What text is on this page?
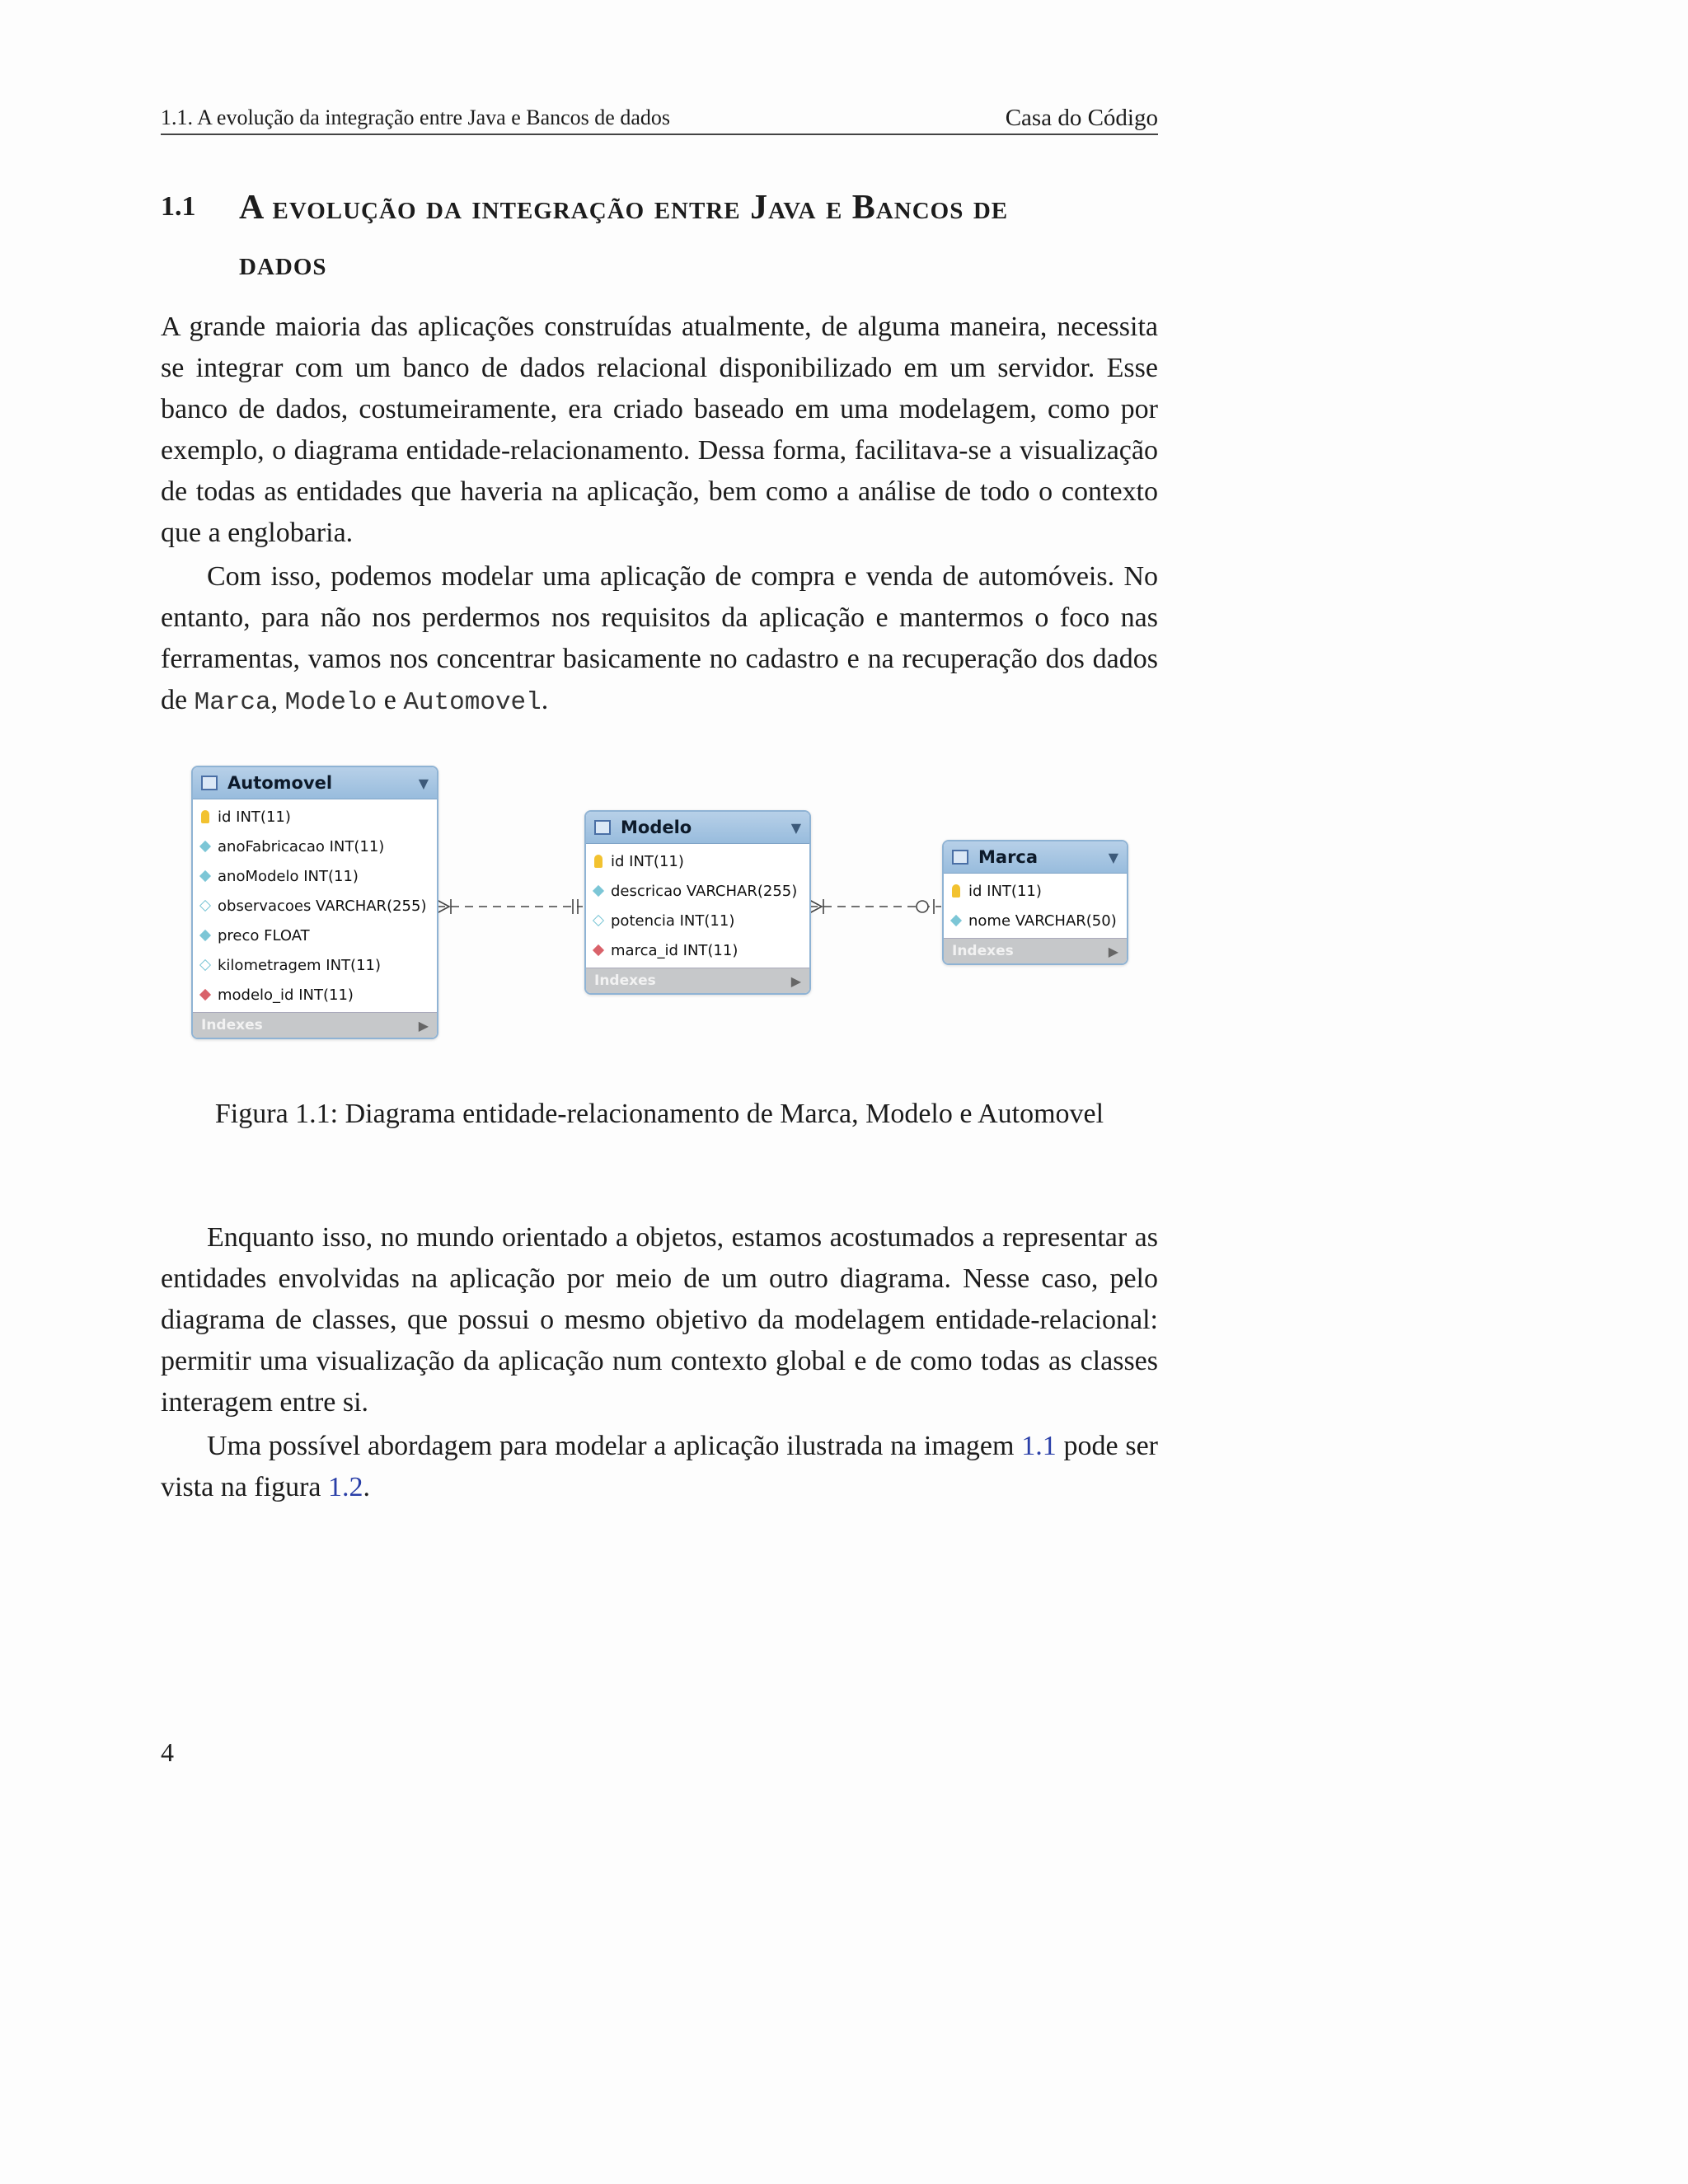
1.1. A evolução da integração entre Java e Bancos de dados	Casa do Código
1.1 A evolução da integração entre Java e Bancos de
dados

A grande maioria das aplicações construídas atualmente, de alguma maneira, necessita se integrar com um banco de dados relacional disponibilizado em um servidor. Esse banco de dados, costumeiramente, era criado baseado em uma modelagem, como por exemplo, o diagrama entidade-relacionamento. Dessa forma, facilitava-se a visualização de todas as entidades que haveria na aplicação, bem como a análise de todo o contexto que a englobaria.

Com isso, podemos modelar uma aplicação de compra e venda de automóveis. No entanto, para não nos perdermos nos requisitos da aplicação e mantermos o foco nas ferramentas, vamos nos concentrar basicamente no cadastro e na recuperação dos dados de Marca, Modelo e Automovel.

Automovel	▼
id INT(11)
anoFabricacao INT(11)
anoModelo INT(11)
observacoes VARCHAR(255)
preco FLOAT
kilometragem INT(11)
modelo_id INT(11)
Indexes	▶
Modelo	▼
id INT(11)
descricao VARCHAR(255)
potencia INT(11)
marca_id INT(11)
Indexes	▶
Marca	▼
id INT(11)
nome VARCHAR(50)
Indexes	▶
Figura 1.1: Diagrama entidade-relacionamento de Marca, Modelo e Automovel

Enquanto isso, no mundo orientado a objetos, estamos acostumados a representar as entidades envolvidas na aplicação por meio de um outro diagrama. Nesse caso, pelo diagrama de classes, que possui o mesmo objetivo da modelagem entidade-relacional: permitir uma visualização da aplicação num contexto global e de como todas as classes interagem entre si.

Uma possível abordagem para modelar a aplicação ilustrada na imagem 1.1 pode ser vista na figura 1.2.

4
